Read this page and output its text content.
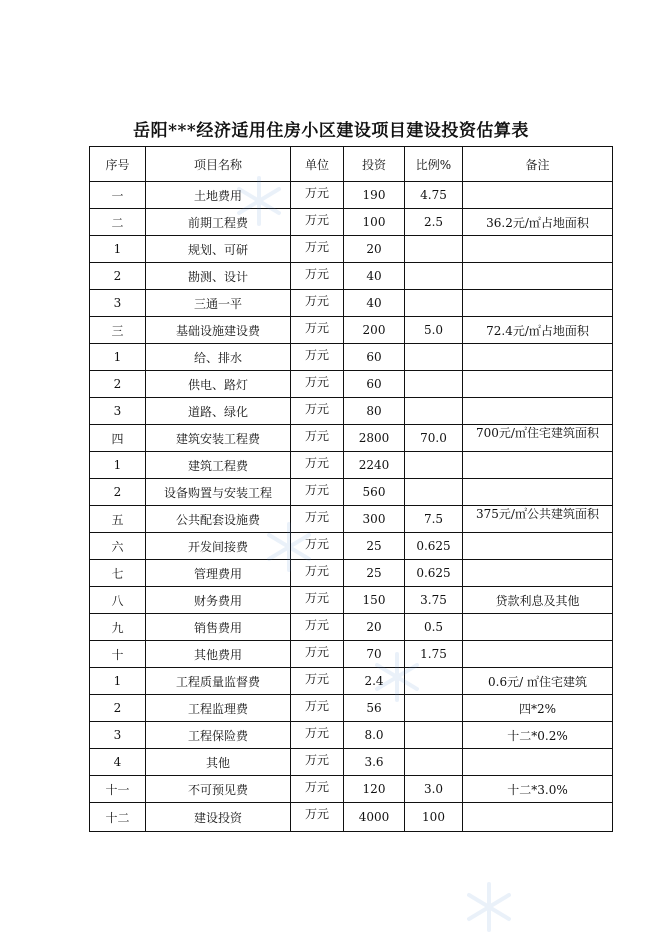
岳阳***经济适用住房小区建设项目建设投资估算表
序号	项目名称	单位	投资	比例%	备注
一	土地费用	万元	190	4.75	
二	前期工程费	万元	100	2.5	36.2元/㎡占地面积
1	规划、可研	万元	20		
2	勘测、设计	万元	40		
3	三通一平	万元	40		
三	基础设施建设费	万元	200	5.0	72.4元/㎡占地面积
1	给、排水	万元	60		
2	供电、路灯	万元	60		
3	道路、绿化	万元	80		
四	建筑安装工程费	万元	2800	70.0	700元/㎡住宅建筑面积
1	建筑工程费	万元	2240		
2	设备购置与安装工程	万元	560		
五	公共配套设施费	万元	300	7.5	375元/㎡公共建筑面积
六	开发间接费	万元	25	0.625	
七	管理费用	万元	25	0.625	
八	财务费用	万元	150	3.75	贷款利息及其他
九	销售费用	万元	20	0.5	
十	其他费用	万元	70	1.75	
1	工程质量监督费	万元	2.4		0.6元/ ㎡住宅建筑
2	工程监理费	万元	56		四*2%
3	工程保险费	万元	8.0		十二*0.2%
4	其他	万元	3.6		
十一	不可预见费	万元	120	3.0	十二*3.0%
十二	建设投资	万元	4000	100	
